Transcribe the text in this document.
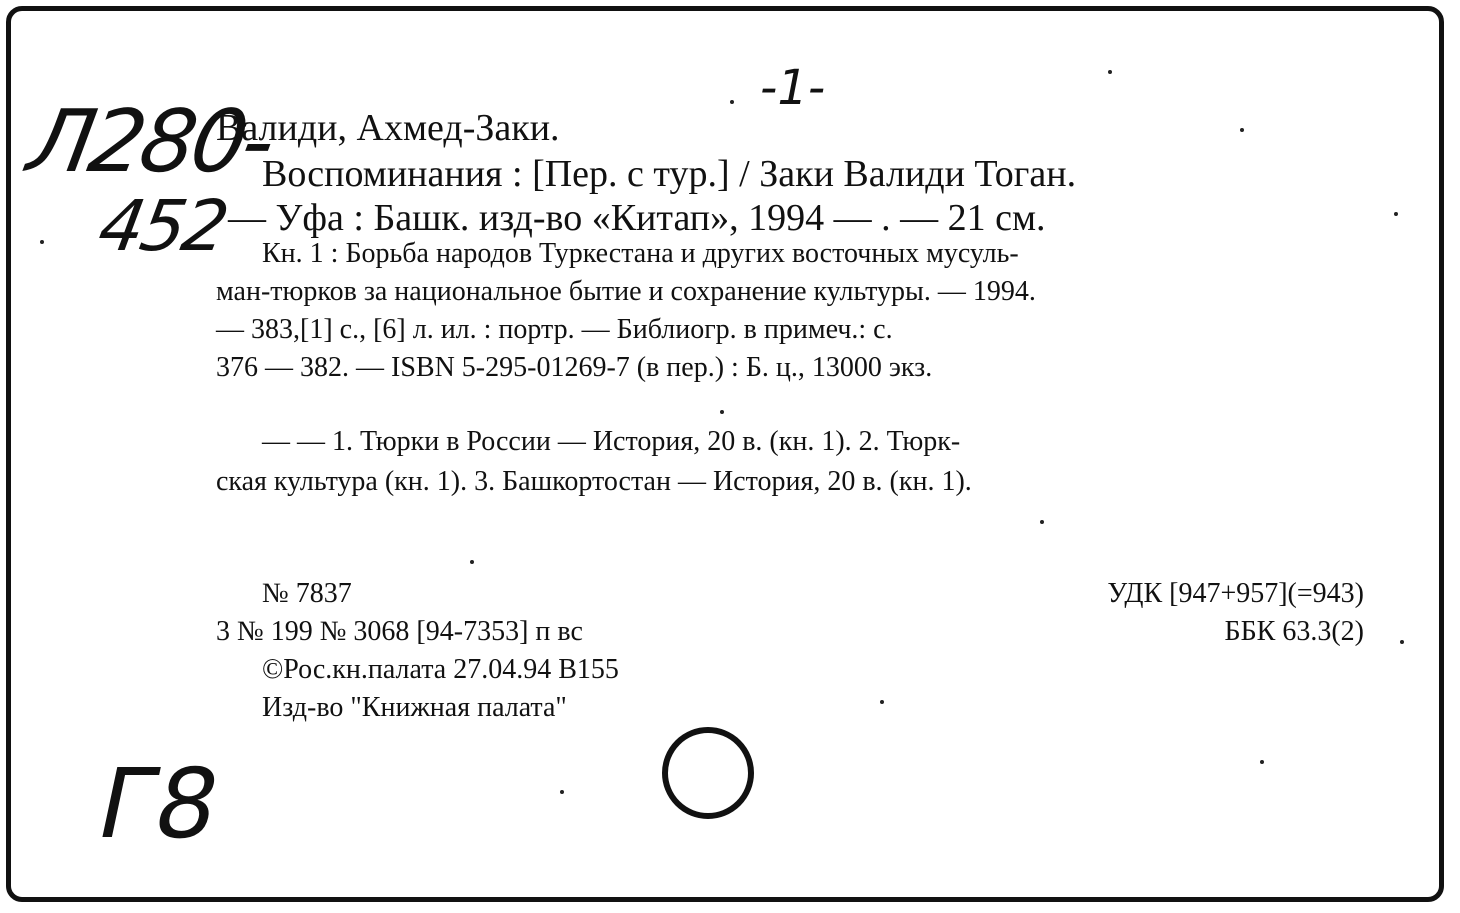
Л280-
452
-1-
Г8
Валиди, Ахмед-Заки.
Воспоминания : [Пер. с тур.] / Заки Валиди Тоган.
— Уфа : Башк. изд-во «Китап», 1994 — . — 21 см.
Кн. 1 : Борьба народов Туркестана и других восточных мусуль-
ман-тюрков за национальное бытие и сохранение культуры. — 1994.
— 383,[1] с., [6] л. ил. : портр. — Библиогр. в примеч.: с.
376 — 382. — ISBN 5-295-01269-7 (в пер.) : Б. ц., 13000 экз.
— — 1. Тюрки в России — История, 20 в. (кн. 1). 2. Тюрк-
ская культура (кн. 1). 3. Башкортостан — История, 20 в. (кн. 1).
№ 7837
3 № 199 № 3068 [94-7353] п вс
©Рос.кн.палата 27.04.94 В155
Изд-во "Книжная палата"
УДК [947+957](=943)
ББК 63.3(2)
